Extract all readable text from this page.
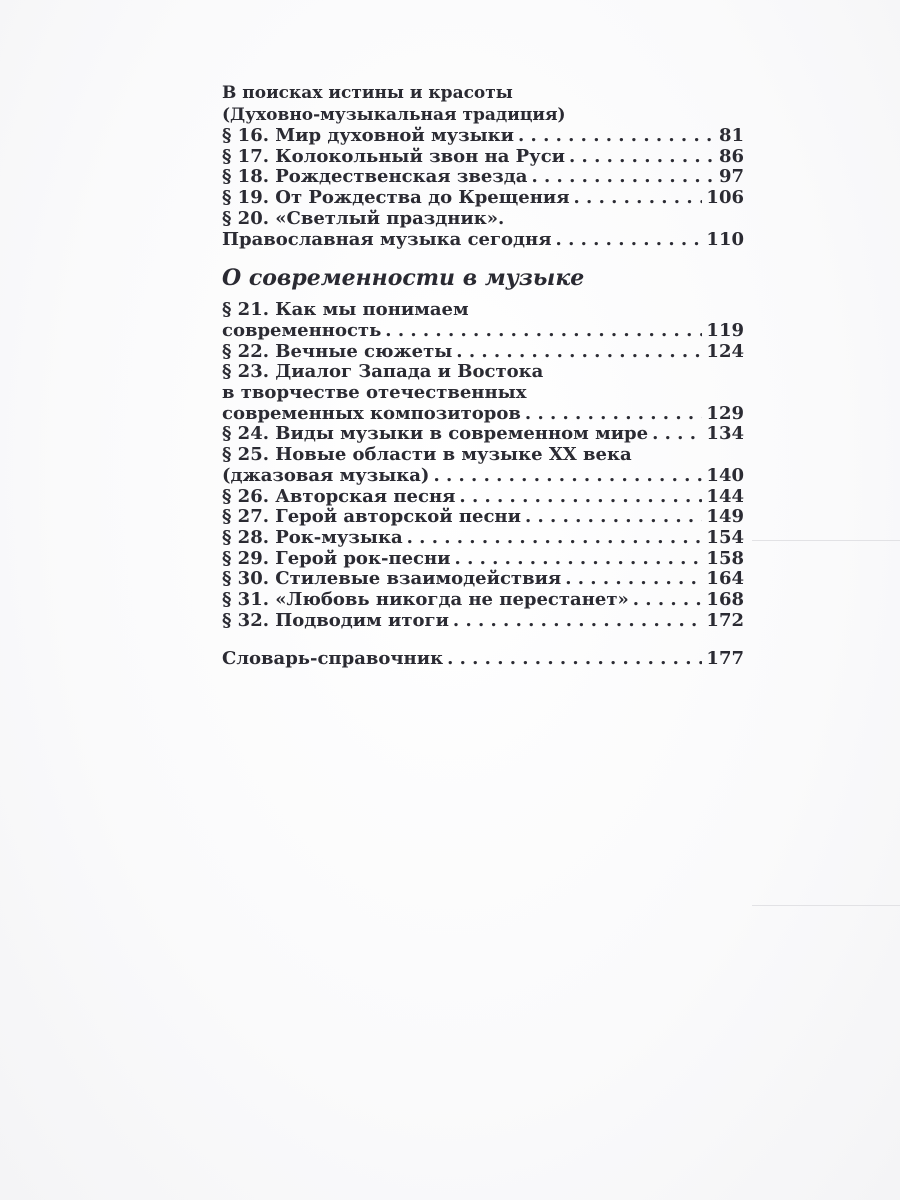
В поисках истины и красоты
(Духовно-музыкальная традиция)
§ 16. Мир духовной музыки . . .	81
§ 17. Колокольный звон на Руси . . .	86
§ 18. Рождественская звезда . . .	97
§ 19. От Рождества до Крещения . . .	106
§ 20. «Светлый праздник».
Православная музыка сегодня . . .	110
О современности в музыке
§ 21. Как мы понимаем
современность . . .	119
§ 22. Вечные сюжеты . . .	124
§ 23. Диалог Запада и Востока
в творчестве отечественных
современных композиторов . . .	129
§ 24. Виды музыки в современном мире . . .	134
§ 25. Новые области в музыке XX века
(джазовая музыка) . . .	140
§ 26. Авторская песня . . .	144
§ 27. Герой авторской песни . . .	149
§ 28. Рок-музыка . . .	154
§ 29. Герой рок-песни . . .	158
§ 30. Стилевые взаимодействия . . .	164
§ 31. «Любовь никогда не перестанет» . . .	168
§ 32. Подводим итоги . . .	172
Словарь-справочник . . .	177
